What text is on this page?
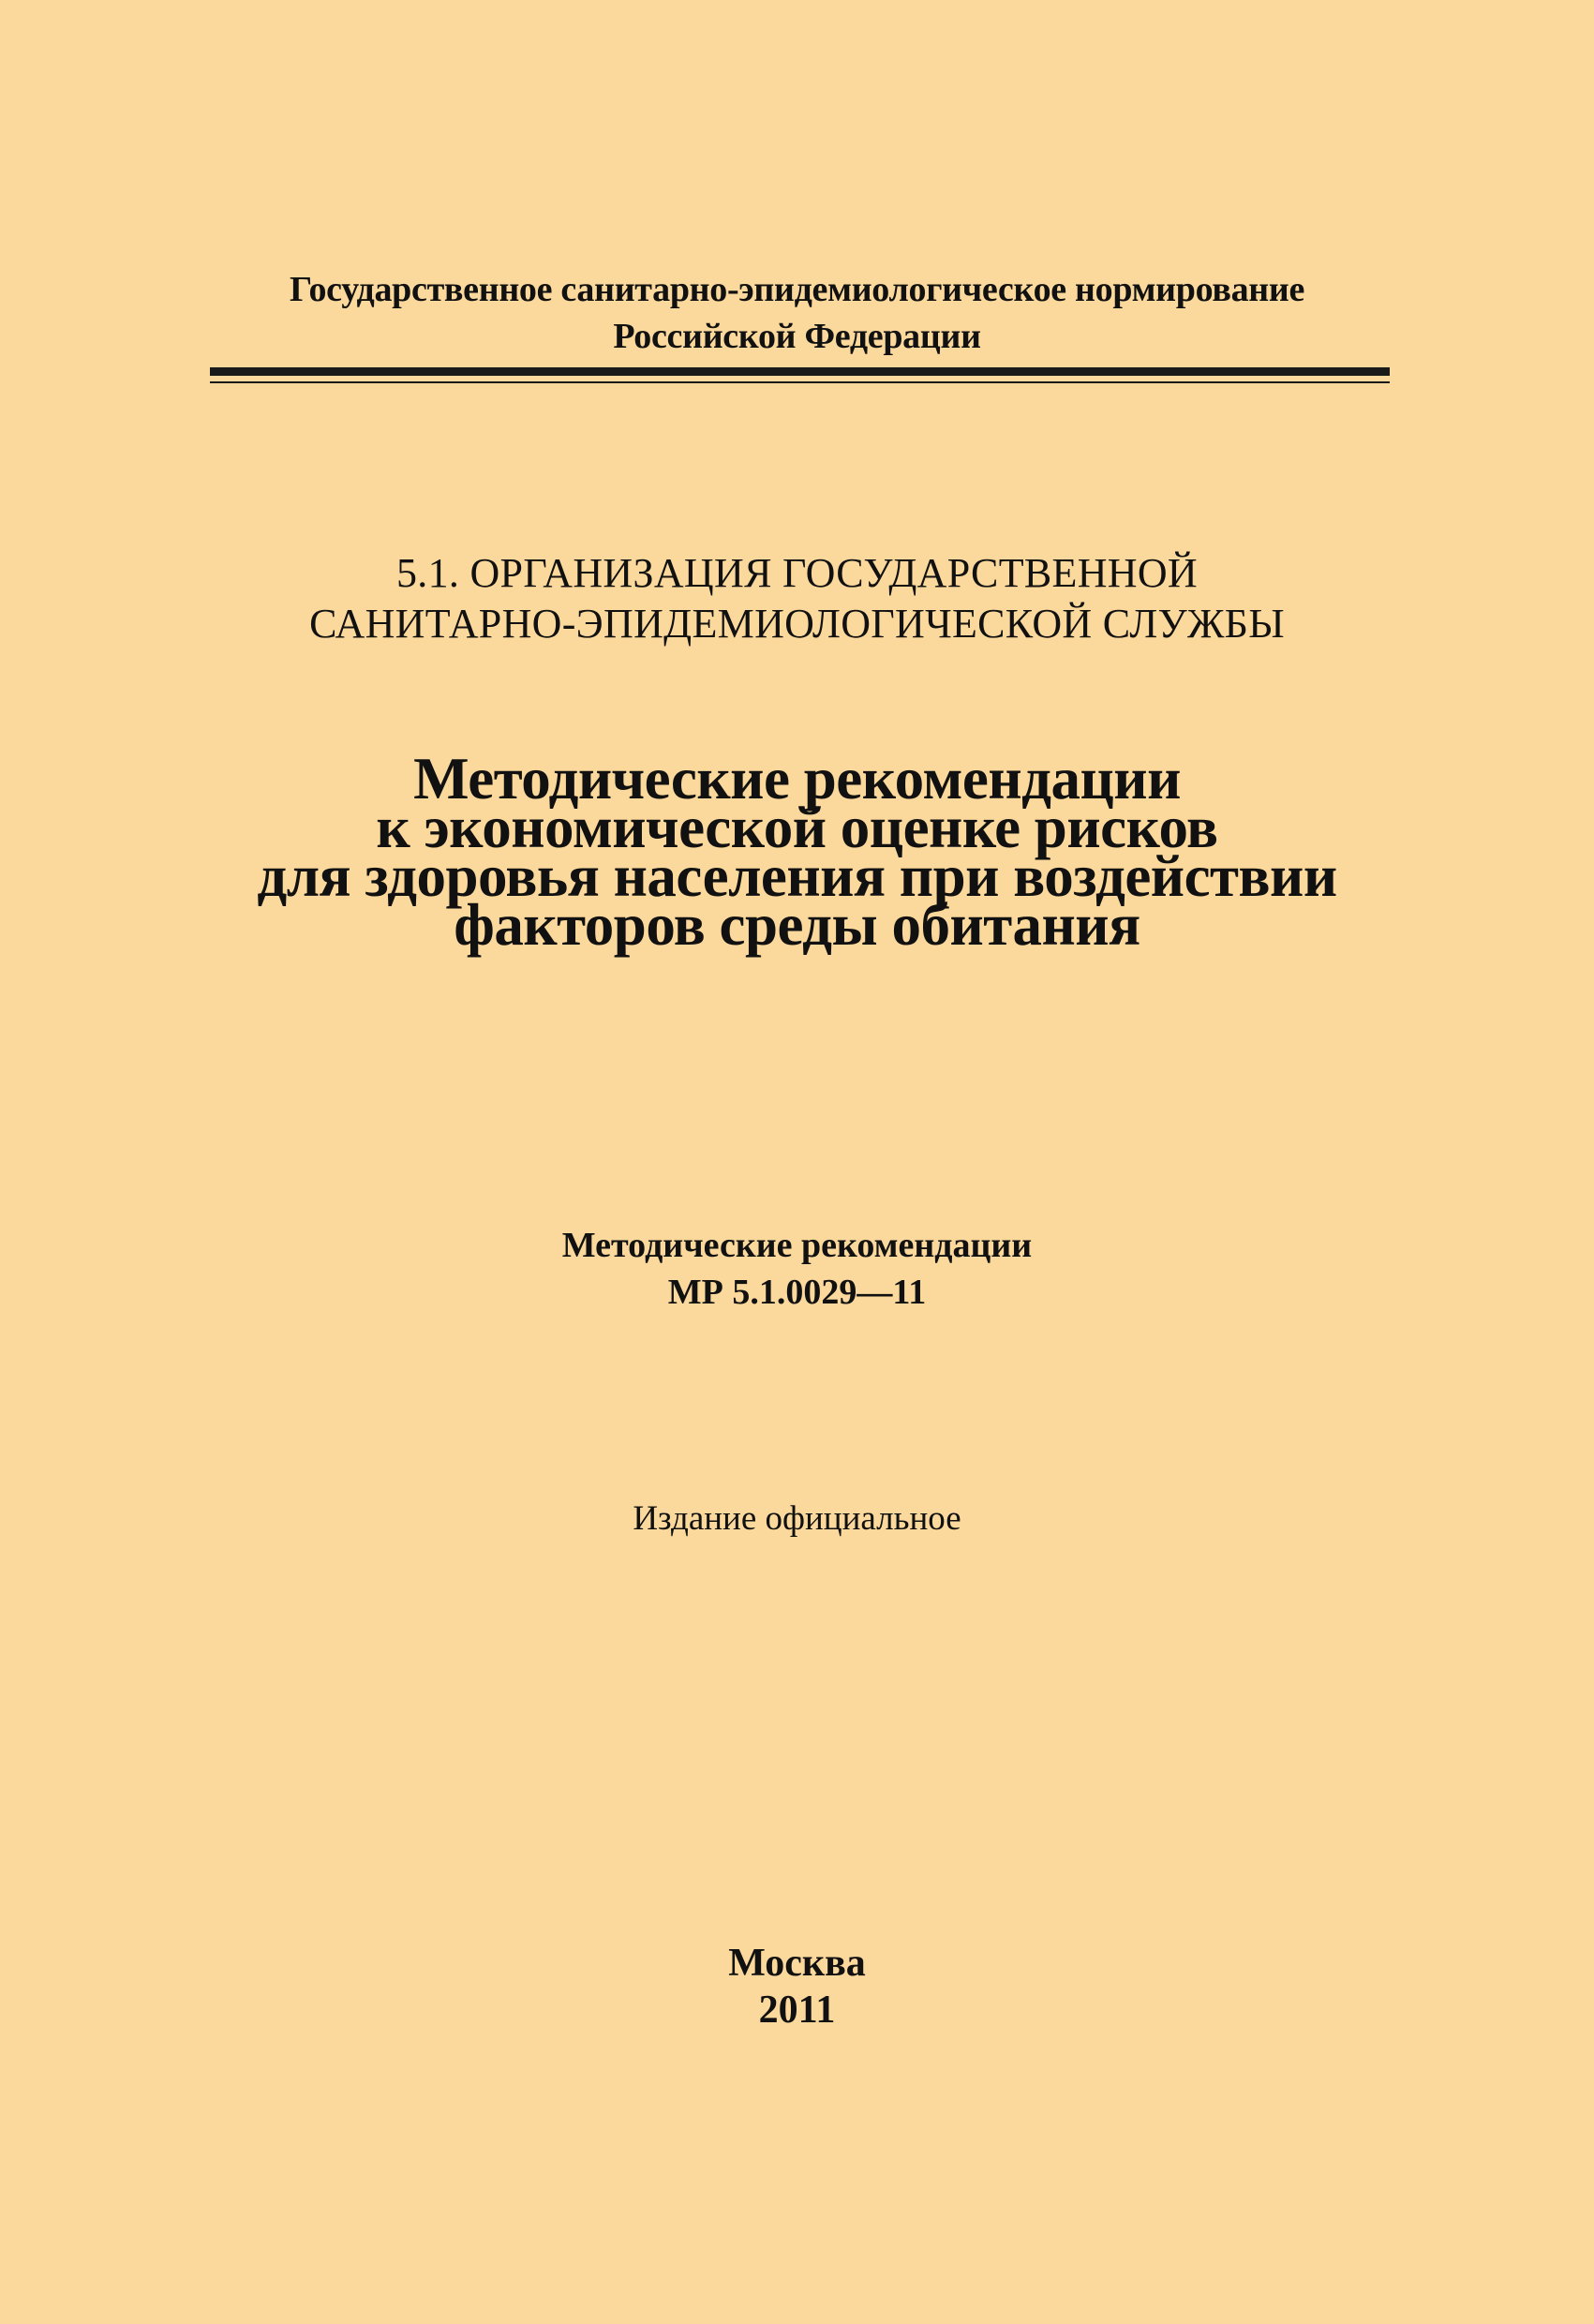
Государственное санитарно-эпидемиологическое нормирование
Российской Федерации
5.1. ОРГАНИЗАЦИЯ ГОСУДАРСТВЕННОЙ
САНИТАРНО-ЭПИДЕМИОЛОГИЧЕСКОЙ СЛУЖБЫ
Методические рекомендации
к экономической оценке рисков
для здоровья населения при воздействии
факторов среды обитания
Методические рекомендации
МР 5.1.0029—11
Издание официальное
Москва
2011
